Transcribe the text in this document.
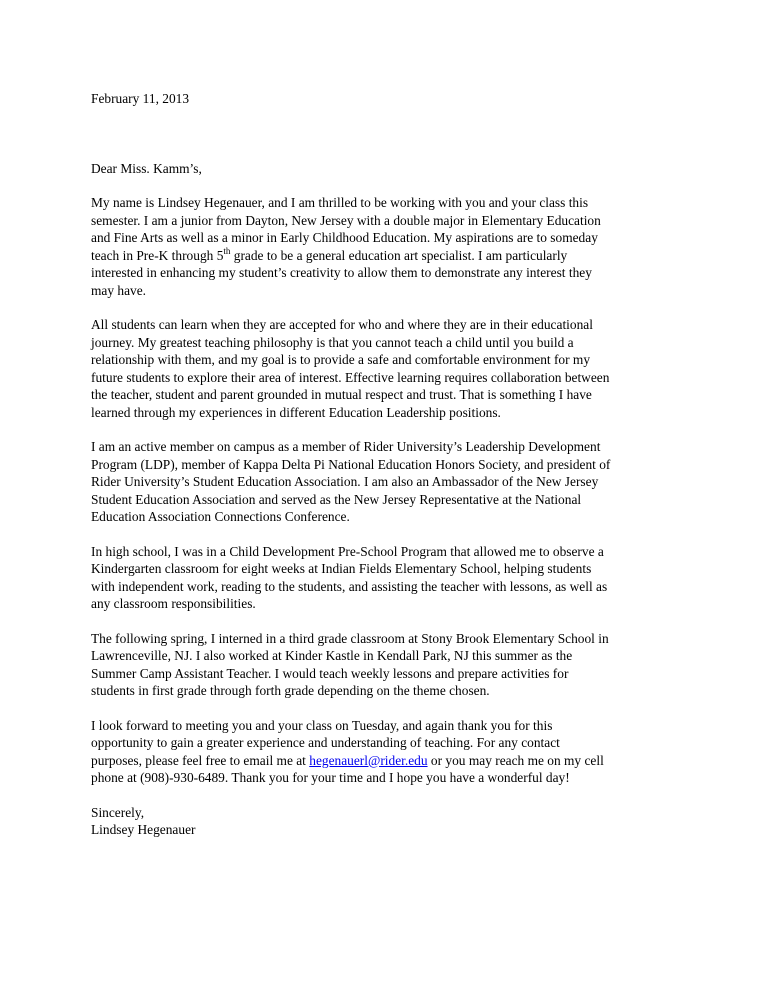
February 11, 2013

Dear Miss. Kamm’s,

My name is Lindsey Hegenauer, and I am thrilled to be working with you and your class this
semester. I am a junior from Dayton, New Jersey with a double major in Elementary Education
and Fine Arts as well as a minor in Early Childhood Education. My aspirations are to someday
teach in Pre-K through 5th grade to be a general education art specialist. I am particularly
interested in enhancing my student’s creativity to allow them to demonstrate any interest they
may have.

All students can learn when they are accepted for who and where they are in their educational
journey. My greatest teaching philosophy is that you cannot teach a child until you build a
relationship with them, and my goal is to provide a safe and comfortable environment for my
future students to explore their area of interest. Effective learning requires collaboration between
the teacher, student and parent grounded in mutual respect and trust. That is something I have
learned through my experiences in different Education Leadership positions.

I am an active member on campus as a member of Rider University’s Leadership Development
Program (LDP), member of Kappa Delta Pi National Education Honors Society, and president of
Rider University’s Student Education Association. I am also an Ambassador of the New Jersey
Student Education Association and served as the New Jersey Representative at the National
Education Association Connections Conference.

In high school, I was in a Child Development Pre-School Program that allowed me to observe a
Kindergarten classroom for eight weeks at Indian Fields Elementary School, helping students
with independent work, reading to the students, and assisting the teacher with lessons, as well as
any classroom responsibilities.

The following spring, I interned in a third grade classroom at Stony Brook Elementary School in
Lawrenceville, NJ. I also worked at Kinder Kastle in Kendall Park, NJ this summer as the
Summer Camp Assistant Teacher. I would teach weekly lessons and prepare activities for
students in first grade through forth grade depending on the theme chosen.

I look forward to meeting you and your class on Tuesday, and again thank you for this
opportunity to gain a greater experience and understanding of teaching. For any contact
purposes, please feel free to email me at hegenauerl@rider.edu or you may reach me on my cell
phone at (908)-930-6489. Thank you for your time and I hope you have a wonderful day!

Sincerely,
Lindsey Hegenauer
